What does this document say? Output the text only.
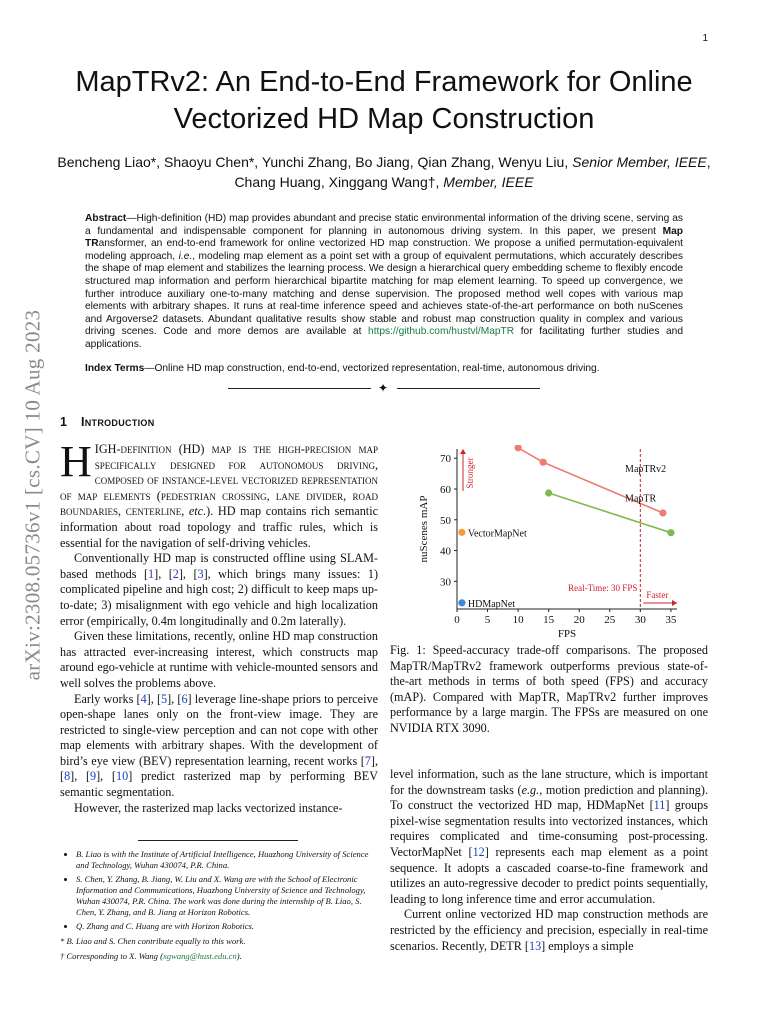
1
arXiv:2308.05736v1 [cs.CV] 10 Aug 2023
MapTRv2: An End-to-End Framework for Online
Vectorized HD Map Construction
Bencheng Liao*, Shaoyu Chen*, Yunchi Zhang, Bo Jiang, Qian Zhang, Wenyu Liu, Senior Member, IEEE,
Chang Huang, Xinggang Wang†, Member, IEEE
Abstract—High-definition (HD) map provides abundant and precise static environmental information of the driving scene, serving as a fundamental and indispensable component for planning in autonomous driving system. In this paper, we present Map TRansformer, an end-to-end framework for online vectorized HD map construction. We propose a unified permutation-equivalent modeling approach, i.e., modeling map element as a point set with a group of equivalent permutations, which accurately describes the shape of map element and stabilizes the learning process. We design a hierarchical query embedding scheme to flexibly encode structured map information and perform hierarchical bipartite matching for map element learning. To speed up convergence, we further introduce auxiliary one-to-many matching and dense supervision. The proposed method well copes with various map elements with arbitrary shapes. It runs at real-time inference speed and achieves state-of-the-art performance on both nuScenes and Argoverse2 datasets. Abundant qualitative results show stable and robust map construction quality in complex and various driving scenes. Code and more demos are available at https://github.com/hustvl/MapTR for facilitating further studies and applications.
Index Terms—Online HD map construction, end-to-end, vectorized representation, real-time, autonomous driving.
✦
1 Introduction

HIGH-definition (HD) map is the high-precision map specifically designed for autonomous driving, composed of instance-level vectorized representation of map elements (pedestrian crossing, lane divider, road boundaries, centerline, etc.). HD map contains rich semantic information about road topology and traffic rules, which is essential for the navigation of self-driving vehicles.

Conventionally HD map is constructed offline using SLAM-based methods [1], [2], [3], which brings many issues: 1) complicated pipeline and high cost; 2) difficult to keep maps up-to-date; 3) misalignment with ego vehicle and high localization error (empirically, 0.4m longitudinally and 0.2m laterally).

Given these limitations, recently, online HD map construction has attracted ever-increasing interest, which constructs map around ego-vehicle at runtime with vehicle-mounted sensors and well solves the problems above.

Early works [4], [5], [6] leverage line-shape priors to perceive open-shape lanes only on the front-view image. They are restricted to single-view perception and can not cope with other map elements with arbitrary shapes. With the development of bird’s eye view (BEV) representation learning, recent works [7], [8], [9], [10] predict rasterized map by performing BEV semantic segmentation.

However, the rasterized map lacks vectorized instance-

• B. Liao is with the Institute of Artificial Intelligence, Huazhong University of Science and Technology, Wuhan 430074, P.R. China.
• S. Chen, Y. Zhang, B. Jiang, W. Liu and X. Wang are with the School of Electronic Information and Communications, Huazhong University of Science and Technology, Wuhan 430074, P.R. China. The work was done during the internship of B. Liao, S. Chen, Y. Zhang, and B. Jiang at Horizon Robotics.
• Q. Zhang and C. Huang are with Horizon Robotics.
* B. Liao and S. Chen contribute equally to this work.
† Corresponding to X. Wang (xgwang@hust.edu.cn).
0 5 10 15 20 25 30 35
30
40
50
60
70
FPS
nuScenes mAP
Real-Time: 30 FPS
Faster
Stronger	MapTRv2
MapTR
VectorMapNet
HDMapNet
Fig. 1: Speed-accuracy trade-off comparisons. The proposed MapTR/MapTRv2 framework outperforms previous state-of-the-art methods in terms of both speed (FPS) and accuracy (mAP). Compared with MapTR, MapTRv2 further improves performance by a large margin. The FPSs are measured on one NVIDIA RTX 3090.

level information, such as the lane structure, which is important for the downstream tasks (e.g., motion prediction and planning). To construct the vectorized HD map, HDMapNet [11] groups pixel-wise segmentation results into vectorized instances, which requires complicated and time-consuming post-processing. VectorMapNet [12] represents each map element as a point sequence. It adopts a cascaded coarse-to-fine framework and utilizes an auto-regressive decoder to predict points sequentially, leading to long inference time and error accumulation.

Current online vectorized HD map construction methods are restricted by the efficiency and precision, especially in real-time scenarios. Recently, DETR [13] employs a simple
